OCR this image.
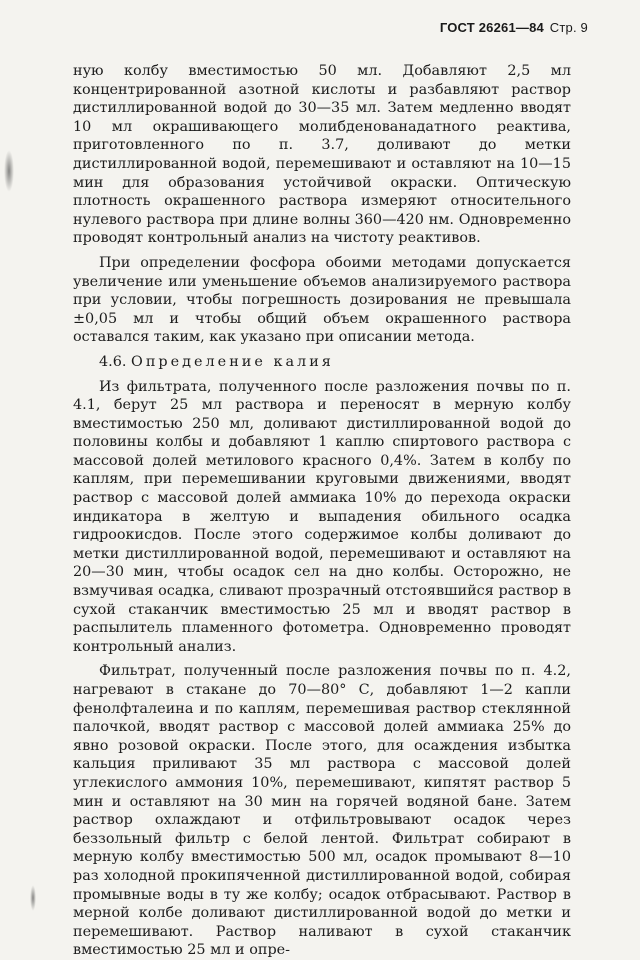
ГОСТ 26261—84 Стр. 9

ную колбу вместимостью 50 мл. Добавляют 2,5 мл концентрированной азотной кислоты и разбавляют раствор дистиллированной водой до 30—35 мл. Затем медленно вводят 10 мл окрашивающего молибденованадатного реактива, приготовленного по п. 3.7, доливают до метки дистиллированной водой, перемешивают и оставляют на 10—15 мин для образования устойчивой окраски. Оптическую плотность окрашенного раствора измеряют относительного нулевого раствора при длине волны 360—420 нм. Одновременно проводят контрольный анализ на чистоту реактивов.

При определении фосфора обоими методами допускается увеличение или уменьшение объемов анализируемого раствора при условии, чтобы погрешность дозирования не превышала ±0,05 мл и чтобы общий объем окрашенного раствора оставался таким, как указано при описании метода.

4.6. Определение калия

Из фильтрата, полученного после разложения почвы по п. 4.1, берут 25 мл раствора и переносят в мерную колбу вместимостью 250 мл, доливают дистиллированной водой до половины колбы и добавляют 1 каплю спиртового раствора с массовой долей метилового красного 0,4%. Затем в колбу по каплям, при перемешивании круговыми движениями, вводят раствор с массовой долей аммиака 10% до перехода окраски индикатора в желтую и выпадения обильного осадка гидроокисдов. После этого содержимое колбы доливают до метки дистиллированной водой, перемешивают и оставляют на 20—30 мин, чтобы осадок сел на дно колбы. Осторожно, не взмучивая осадка, сливают прозрачный отстоявшийся раствор в сухой стаканчик вместимостью 25 мл и вводят раствор в распылитель пламенного фотометра. Одновременно проводят контрольный анализ.

Фильтрат, полученный после разложения почвы по п. 4.2, нагревают в стакане до 70—80° С, добавляют 1—2 капли фенолфталеина и по каплям, перемешивая раствор стеклянной палочкой, вводят раствор с массовой долей аммиака 25% до явно розовой окраски. После этого, для осаждения избытка кальция приливают 35 мл раствора с массовой долей углекислого аммония 10%, перемешивают, кипятят раствор 5 мин и оставляют на 30 мин на горячей водяной бане. Затем раствор охлаждают и отфильтровывают осадок через беззольный фильтр с белой лентой. Фильтрат собирают в мерную колбу вместимостью 500 мл, осадок промывают 8—10 раз холодной прокипяченной дистиллированной водой, собирая промывные воды в ту же колбу; осадок отбрасывают. Раствор в мерной колбе доливают дистиллированной водой до метки и перемешивают. Раствор наливают в сухой стаканчик вместимостью 25 мл и опре-
